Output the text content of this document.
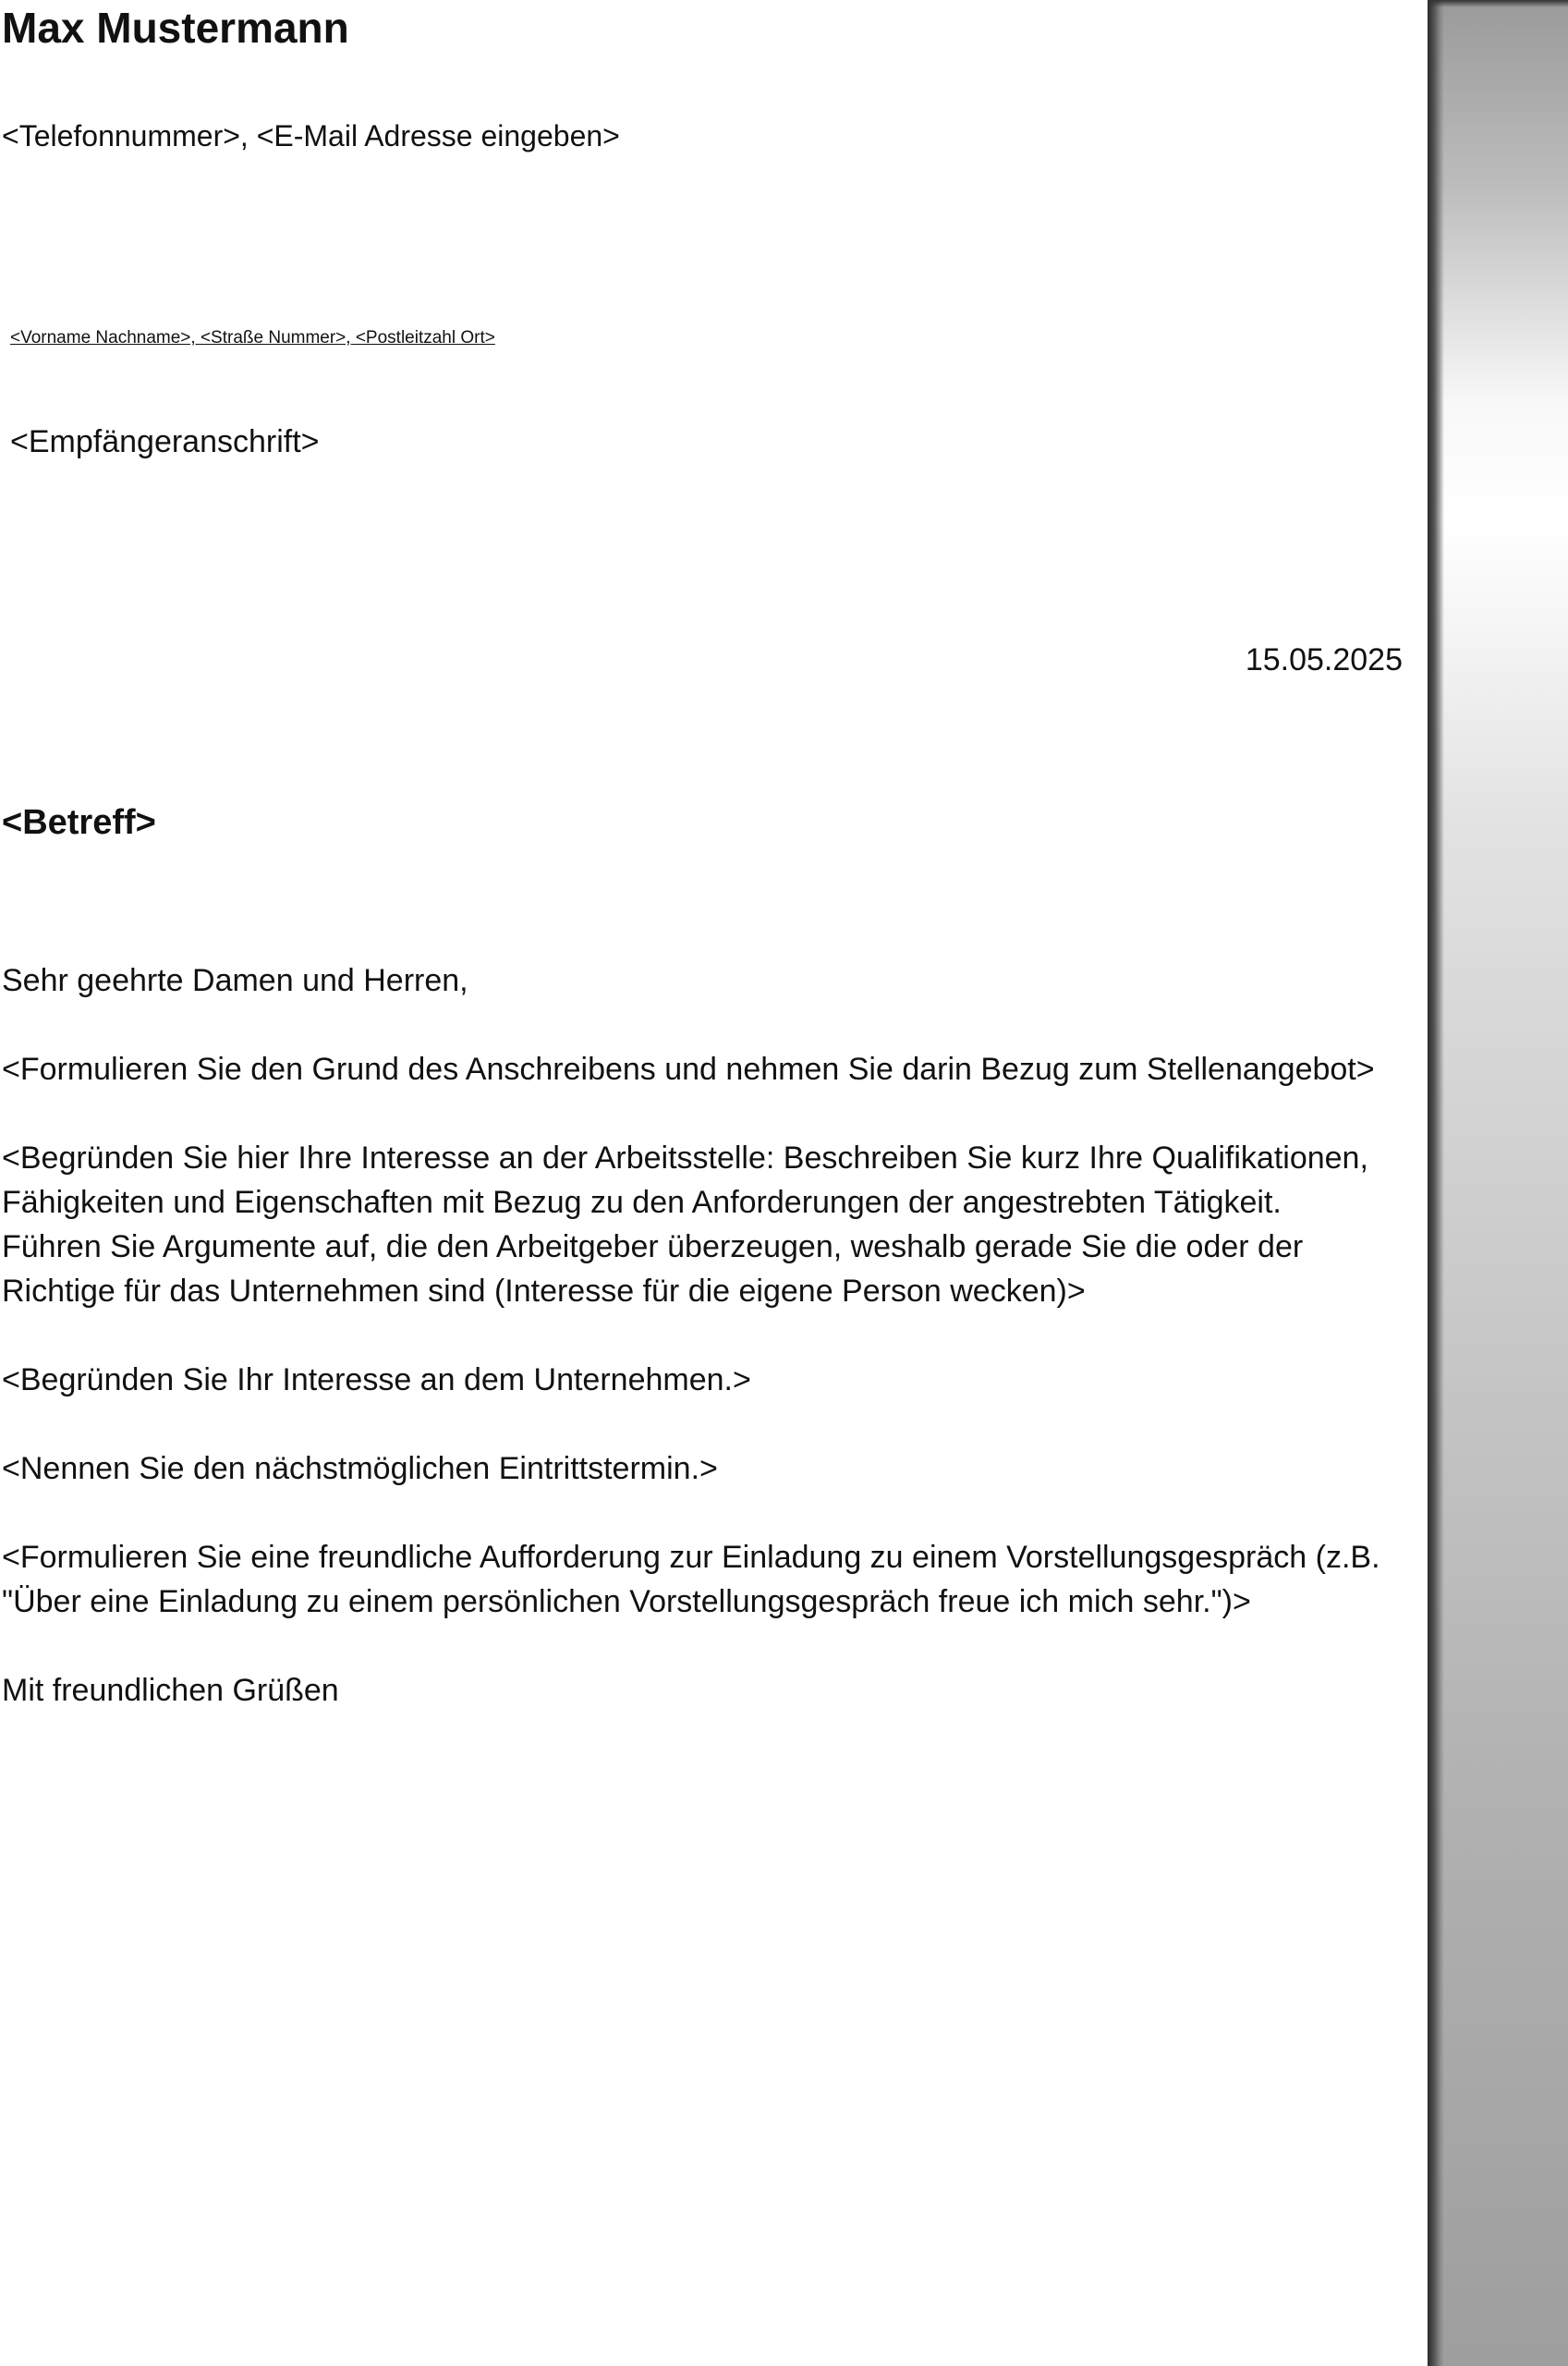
Max Mustermann
<Telefonnummer>, <E-Mail Adresse eingeben>
<Vorname Nachname>, <Straße Nummer>, <Postleitzahl Ort>
<Empfängeranschrift>
15.05.2025
<Betreff>

Sehr geehrte Damen und Herren,

<Formulieren Sie den Grund des Anschreibens und nehmen Sie darin Bezug zum Stellenangebot>

<Begründen Sie hier Ihre Interesse an der Arbeitsstelle: Beschreiben Sie kurz Ihre Qualifikationen, Fähigkeiten und Eigenschaften mit Bezug zu den Anforderungen der angestrebten Tätigkeit. Führen Sie Argumente auf, die den Arbeitgeber überzeugen, weshalb gerade Sie die oder der Richtige für das Unternehmen sind (Interesse für die eigene Person wecken)>

<Begründen Sie Ihr Interesse an dem Unternehmen.>

<Nennen Sie den nächstmöglichen Eintrittstermin.>

<Formulieren Sie eine freundliche Aufforderung zur Einladung zu einem Vorstellungsgespräch (z.B. "Über eine Einladung zu einem persönlichen Vorstellungsgespräch freue ich mich sehr.")>

Mit freundlichen Grüßen
